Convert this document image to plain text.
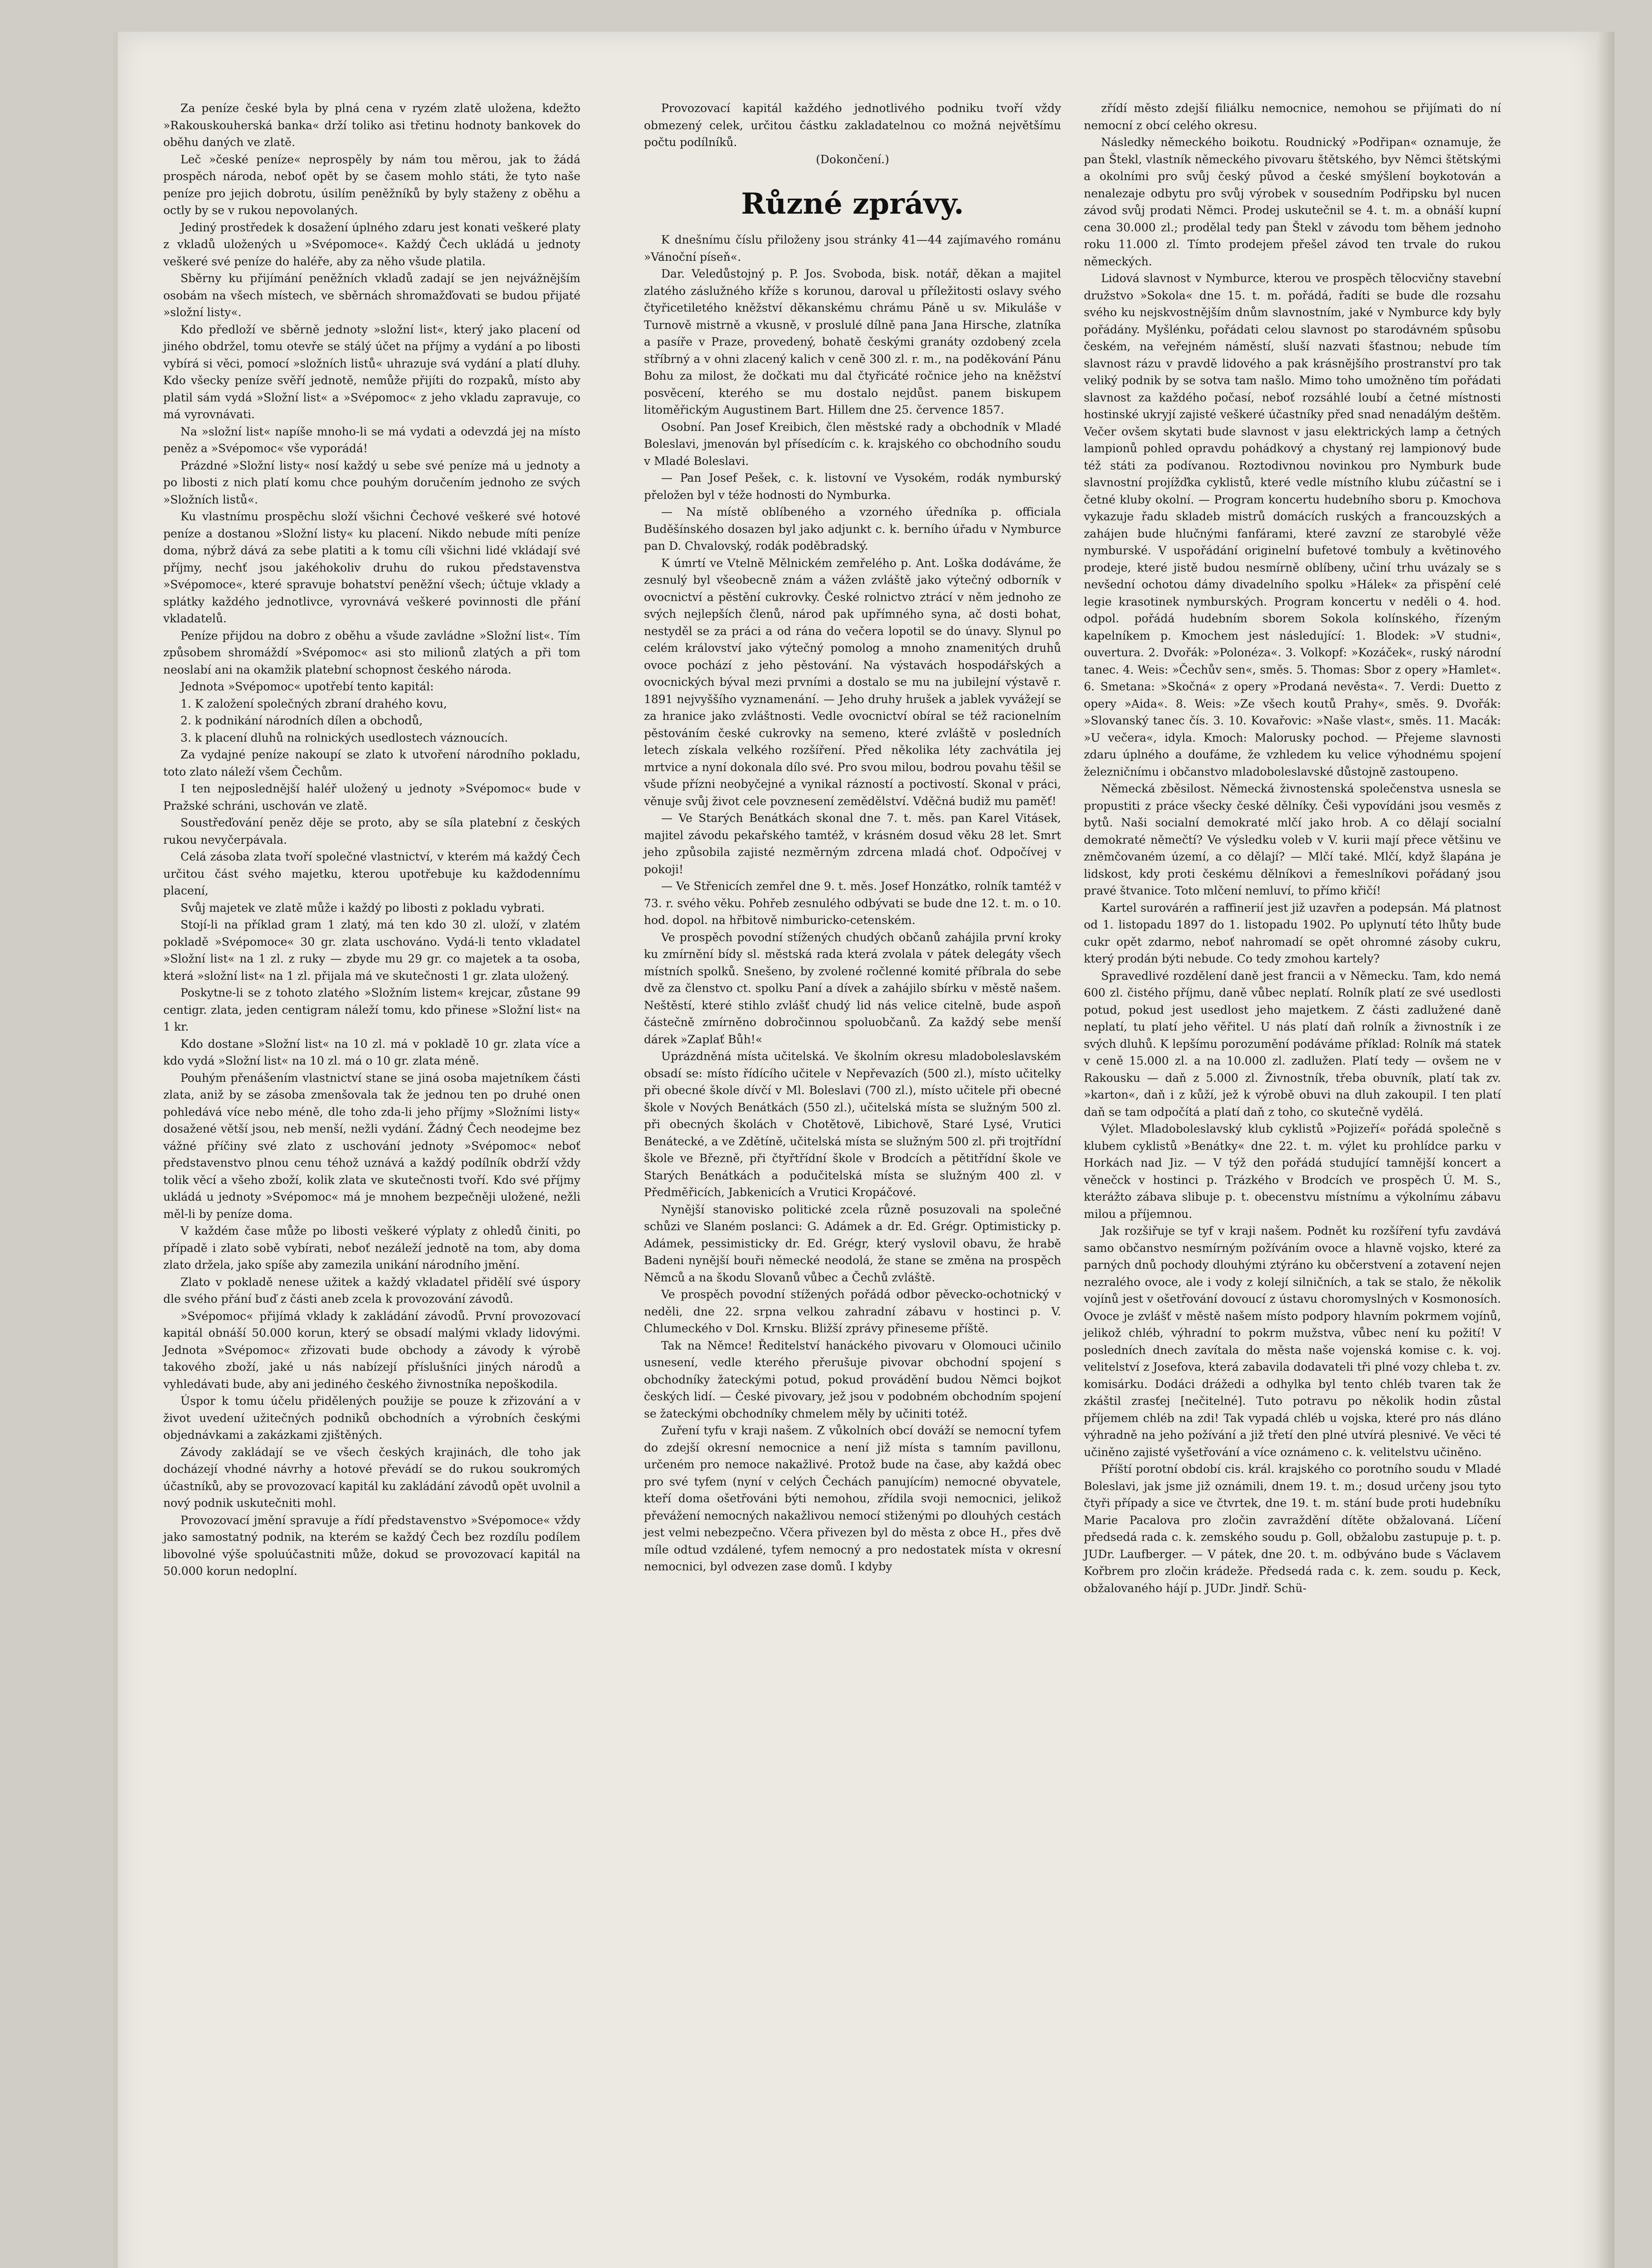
Za peníze české byla by plná cena v ryzém zlatě uložena, kdežto »Rakouskouherská banka« drží toliko asi třetinu hodnoty bankovek do oběhu daných ve zlatě.

Leč »české peníze« neprospěly by nám tou měrou, jak to žádá prospěch národa, neboť opět by se časem mohlo státi, že tyto naše peníze pro jejich dobrotu, úsilím peněžníků by byly staženy z oběhu a octly by se v rukou nepovolaných.

Jediný prostředek k dosažení úplného zdaru jest konati veškeré platy z vkladů uložených u »Svépomoce«. Každý Čech ukládá u jednoty veškeré své peníze do haléře, aby za něho všude platila.

Sběrny ku přijímání peněžních vkladů zadají se jen nejvážnějším osobám na všech místech, ve sběrnách shromažďovati se budou přijaté »složní listy«.

Kdo předloží ve sběrně jednoty »složní list«, který jako placení od jiného obdržel, tomu otevře se stálý účet na příjmy a vydání a po libosti vybírá si věci, pomocí »složních listů« uhrazuje svá vydání a platí dluhy. Kdo všecky peníze svěří jednotě, nemůže přijíti do rozpaků, místo aby platil sám vydá »Složní list« a »Svépomoc« z jeho vkladu zapravuje, co má vyrovnávati.

Na »složní list« napíše mnoho-li se má vydati a odevzdá jej na místo peněz a »Svépomoc« vše vyporádá!

Prázdné »Složní listy« nosí každý u sebe své peníze má u jednoty a po libosti z nich platí komu chce pouhým doručením jednoho ze svých »Složních listů«.

Ku vlastnímu prospěchu složí všichni Čechové veškeré své hotové peníze a dostanou »Složní listy« ku placení. Nikdo nebude míti peníze doma, nýbrž dává za sebe platiti a k tomu cíli všichni lidé vkládají své příjmy, nechť jsou jakéhokoliv druhu do rukou představenstva »Svépomoce«, které spravuje bohatství peněžní všech; účtuje vklady a splátky každého jednotlivce, vyrovnává veškeré povinnosti dle přání vkladatelů.

Peníze přijdou na dobro z oběhu a všude zavládne »Složní list«. Tím způsobem shromáždí »Svépomoc« asi sto milionů zlatých a při tom neoslabí ani na okamžik platební schopnost českého národa.

Jednota »Svépomoc« upotřebí tento kapitál:

1. K založení společných zbraní drahého kovu,

2. k podnikání národních dílen a obchodů,

3. k placení dluhů na rolnických usedlostech váznoucích.

Za vydajné peníze nakoupí se zlato k utvoření národního pokladu, toto zlato náleží všem Čechům.

I ten nejposlednější haléř uložený u jednoty »Svépomoc« bude v Pražské schráni, uschován ve zlatě.

Soustřeďování peněz děje se proto, aby se síla platební z českých rukou nevyčerpávala.

Celá zásoba zlata tvoří společné vlastnictví, v kterém má každý Čech určitou část svého majetku, kterou upotřebuje ku každodennímu placení,

Svůj majetek ve zlatě může i každý po libosti z pokladu vybrati.

Stojí-li na příklad gram 1 zlatý, má ten kdo 30 zl. uloží, v zlatém pokladě »Svépomoce« 30 gr. zlata uschováno. Vydá-li tento vkladatel »Složní list« na 1 zl. z ruky — zbyde mu 29 gr. co majetek a ta osoba, která »složní list« na 1 zl. přijala má ve skutečnosti 1 gr. zlata uložený.

Poskytne-li se z tohoto zlatého »Složním listem« krejcar, zůstane 99 centigr. zlata, jeden centigram náleží tomu, kdo přinese »Složní list« na 1 kr.

Kdo dostane »Složní list« na 10 zl. má v pokladě 10 gr. zlata více a kdo vydá »Složní list« na 10 zl. má o 10 gr. zlata méně.

Pouhým přenášením vlastnictví stane se jiná osoba majetníkem části zlata, aniž by se zásoba zmenšovala tak že jednou ten po druhé onen pohledává více nebo méně, dle toho zda-li jeho příjmy »Složními listy« dosažené větší jsou, neb menší, nežli vydání. Žádný Čech neodejme bez vážné příčiny své zlato z uschování jednoty »Svépomoc« neboť představenstvo plnou cenu téhož uznává a každý podílník obdrží vždy tolik věcí a všeho zboží, kolik zlata ve skutečnosti tvoří. Kdo své příjmy ukládá u jednoty »Svépomoc« má je mnohem bezpečněji uložené, nežli měl-li by peníze doma.

V každém čase může po libosti veškeré výplaty z ohledů činiti, po případě i zlato sobě vybírati, neboť nezáleží jednotě na tom, aby doma zlato držela, jako spíše aby zamezila unikání národního jmění.

Zlato v pokladě nenese užitek a každý vkladatel přidělí své úspory dle svého přání buď z části aneb zcela k provozování závodů.

»Svépomoc« přijímá vklady k zakládání závodů. První provozovací kapitál obnáší 50.000 korun, který se obsadí malými vklady lidovými. Jednota »Svépomoc« zřizovati bude obchody a závody k výrobě takového zboží, jaké u nás nabízejí příslušníci jiných národů a vyhledávati bude, aby ani jediného českého živnostníka nepoškodila.

Úspor k tomu účelu přidělených použije se pouze k zřizování a v život uvedení užitečných podniků obchodních a výrobních českými objednávkami a zakázkami zjištěných.

Závody zakládají se ve všech českých krajinách, dle toho jak docházejí vhodné návrhy a hotové převádí se do rukou soukromých účastníků, aby se provozovací kapitál ku zakládání závodů opět uvolnil a nový podnik uskutečniti mohl.

Provozovací jmění spravuje a řídí představenstvo »Svépomoce« vždy jako samostatný podnik, na kterém se každý Čech bez rozdílu podílem libovolné výše spoluúčastniti může, dokud se provozovací kapitál na 50.000 korun nedoplní.

Provozovací kapitál každého jednotlivého podniku tvoří vždy obmezený celek, určitou částku zakladatelnou co možná největšímu počtu podílníků.

(Dokončení.)

Různé zprávy.

K dnešnímu číslu přiloženy jsou stránky 41—44 zajímavého románu »Vánoční píseň«.

Dar. Veledůstojný p. P. Jos. Svoboda, bisk. notář, děkan a majitel zlatého záslužného kříže s korunou, daroval u příležitosti oslavy svého čtyřicetiletého kněžství děkanskému chrámu Páně u sv. Mikuláše v Turnově mistrně a vkusně, v proslulé dílně pana Jana Hirsche, zlatníka a pasíře v Praze, provedený, bohatě českými granáty ozdobený zcela stříbrný a v ohni zlacený kalich v ceně 300 zl. r. m., na poděkování Pánu Bohu za milost, že dočkati mu dal čtyřicáté ročnice jeho na kněžství posvěcení, kterého se mu dostalo nejdůst. panem biskupem litoměřickým Augustinem Bart. Hillem dne 25. července 1857.

Osobní. Pan Josef Kreibich, člen městské rady a obchodník v Mladé Boleslavi, jmenován byl přísedícím c. k. krajského co obchodního soudu v Mladé Boleslavi.

— Pan Josef Pešek, c. k. listovní ve Vysokém, rodák nymburský přeložen byl v téže hodnosti do Nymburka.

— Na místě oblíbeného a vzorného úředníka p. officiala Buděšínského dosazen byl jako adjunkt c. k. berního úřadu v Nymburce pan D. Chvalovský, rodák poděbradský.

K úmrtí ve Vtelně Mělnickém zemřelého p. Ant. Loška dodáváme, že zesnulý byl všeobecně znám a vážen zvláště jako výtečný odborník v ovocnictví a pěstění cukrovky. České rolnictvo ztrácí v něm jednoho ze svých nejlepších členů, národ pak upřímného syna, ač dosti bohat, nestyděl se za práci a od rána do večera lopotil se do únavy. Slynul po celém království jako výtečný pomolog a mnoho znamenitých druhů ovoce pochází z jeho pěstování. Na výstavách hospodářských a ovocnických býval mezi prvními a dostalo se mu na jubilejní výstavě r. 1891 nejvyššího vyznamenání. — Jeho druhy hrušek a jablek vyvážejí se za hranice jako zvláštnosti. Vedle ovocnictví obíral se též racionelním pěstováním české cukrovky na semeno, které zvláště v posledních letech získala velkého rozšíření. Před několika léty zachvátila jej mrtvice a nyní dokonala dílo své. Pro svou milou, bodrou povahu těšil se všude přízni neobyčejné a vynikal rázností a poctivostí. Skonal v práci, věnuje svůj život cele povznesení zemědělství. Vděčná budiž mu paměť!

— Ve Starých Benátkách skonal dne 7. t. měs. pan Karel Vitásek, majitel závodu pekařského tamtéž, v krásném dosud věku 28 let. Smrt jeho způsobila zajisté nezměrným zdrcena mladá choť. Odpočívej v pokoji!

— Ve Střenicích zemřel dne 9. t. měs. Josef Honzátko, rolník tamtéž v 73. r. svého věku. Pohřeb zesnulého odbývati se bude dne 12. t. m. o 10. hod. dopol. na hřbitově nimburicko-cetenském.

Ve prospěch povodní stížených chudých občanů zahájila první kroky ku zmírnění bídy sl. městská rada která zvolala v pátek delegáty všech místních spolků. Snešeno, by zvolené ročlenné komité příbrala do sebe dvě za členstvo ct. spolku Paní a dívek a zahájilo sbírku v městě našem. Neštěstí, které stihlo zvlášť chudý lid nás velice citelně, bude aspoň částečně zmírněno dobročinnou spoluobčanů. Za každý sebe menší dárek »Zaplať Bůh!«

Uprázdněná místa učitelská. Ve školním okresu mladoboleslavském obsadí se: místo řídícího učitele v Nepřevazích (500 zl.), místo učitelky při obecné škole dívčí v Ml. Boleslavi (700 zl.), místo učitele při obecné škole v Nových Benátkách (550 zl.), učitelská místa se služným 500 zl. při obecných školách v Chotětově, Libichově, Staré Lysé, Vrutici Benátecké, a ve Zdětíně, učitelská místa se služným 500 zl. při trojtřídní škole ve Březně, při čtyřtřídní škole v Brodcích a pětitřídní škole ve Starých Benátkách a podučitelská místa se služným 400 zl. v Předměřicích, Jabkenicích a Vrutici Kropáčové.

Nynější stanovisko politické zcela různě posuzovali na společné schůzi ve Slaném poslanci: G. Adámek a dr. Ed. Grégr. Optimisticky p. Adámek, pessimisticky dr. Ed. Grégr, který vyslovil obavu, že hrabě Badeni nynější bouři německé neodolá, že stane se změna na prospěch Němců a na škodu Slovanů vůbec a Čechů zvláště.

Ve prospěch povodní stížených pořádá odbor pěvecko-ochotnický v neděli, dne 22. srpna velkou zahradní zábavu v hostinci p. V. Chlumeckého v Dol. Krnsku. Bližší zprávy přineseme příště.

Tak na Němce! Ředitelství hanáckého pivovaru v Olomouci učinilo usnesení, vedle kterého přerušuje pivovar obchodní spojení s obchodníky žateckými potud, pokud provádění budou Němci bojkot českých lidí. — České pivovary, jež jsou v podobném obchodním spojení se žateckými obchodníky chmelem měly by učiniti totéž.

Zuření tyfu v kraji našem. Z vůkolních obcí dováží se nemocní tyfem do zdejší okresní nemocnice a není již místa s tamním pavillonu, určeném pro nemoce nakažlivé. Protož bude na čase, aby každá obec pro své tyfem (nyní v celých Čechách panujícím) nemocné obyvatele, kteří doma ošetřováni býti nemohou, zřídila svoji nemocnici, jelikož převážení nemocných nakažlivou nemocí stiženými po dlouhých cestách jest velmi nebezpečno. Včera přivezen byl do města z obce H., přes dvě míle odtud vzdálené, tyfem nemocný a pro nedostatek místa v okresní nemocnici, byl odvezen zase domů. I kdyby

zřídí město zdejší filiálku nemocnice, nemohou se přijímati do ní nemocní z obcí celého okresu.

Následky německého boikotu. Roudnický »Podřipan« oznamuje, že pan Štekl, vlastník německého pivovaru štětského, byv Němci štětskými a okolními pro svůj český původ a české smýšlení boykotován a nenalezaje odbytu pro svůj výrobek v sousedním Podřipsku byl nucen závod svůj prodati Němci. Prodej uskutečnil se 4. t. m. a obnáší kupní cena 30.000 zl.; prodělal tedy pan Štekl v závodu tom během jednoho roku 11.000 zl. Tímto prodejem přešel závod ten trvale do rukou německých.

Lidová slavnost v Nymburce, kterou ve prospěch tělocvičny stavební družstvo »Sokola« dne 15. t. m. pořádá, řadíti se bude dle rozsahu svého ku nejskvostnějším dnům slavnostním, jaké v Nymburce kdy byly pořádány. Myšlénku, pořádati celou slavnost po starodávném spůsobu českém, na veřejném náměstí, sluší nazvati šťastnou; nebude tím slavnost rázu v pravdě lidového a pak krásnějšího prostranství pro tak veliký podnik by se sotva tam našlo. Mimo toho umožněno tím pořádati slavnost za každého počasí, neboť rozsáhlé loubí a četné místnosti hostinské ukryjí zajisté veškeré účastníky před snad nenadálým deštěm. Večer ovšem skytati bude slavnost v jasu elektrických lamp a četných lampionů pohled opravdu pohádkový a chystaný rej lampionový bude též státi za podívanou. Roztodivnou novinkou pro Nymburk bude slavnostní projížďka cyklistů, které vedle místního klubu zúčastní se i četné kluby okolní. — Program koncertu hudebního sboru p. Kmochova vykazuje řadu skladeb mistrů domácích ruských a francouzských a zahájen bude hlučnými fanfárami, které zavzní ze starobylé věže nymburské. V uspořádání originelní bufetové tombuly a květinového prodeje, které jistě budou nesmírně oblíbeny, učiní trhu uvázaly se s nevšední ochotou dámy divadelního spolku »Hálek« za přispění celé legie krasotinek nymburských. Program koncertu v neděli o 4. hod. odpol. pořádá hudebním sborem Sokola kolínského, řízeným kapelníkem p. Kmochem jest následující: 1. Blodek: »V studni«, ouvertura. 2. Dvořák: »Polonéza«. 3. Volkopf: »Kozáček«, ruský národní tanec. 4. Weis: »Čechův sen«, směs. 5. Thomas: Sbor z opery »Hamlet«. 6. Smetana: »Skočná« z opery »Prodaná nevěsta«. 7. Verdi: Duetto z opery »Aida«. 8. Weis: »Ze všech koutů Prahy«, směs. 9. Dvořák: »Slovanský tanec čís. 3. 10. Kovařovic: »Naše vlast«, směs. 11. Macák: »U večera«, idyla. Kmoch: Malorusky pochod. — Přejeme slavnosti zdaru úplného a doufáme, že vzhledem ku velice výhodnému spojení železničnímu i občanstvo mladoboleslavské důstojně zastoupeno.

Německá zběsilost. Německá živnostenská společenstva usnesla se propustiti z práce všecky české dělníky. Češi vypovídáni jsou vesměs z bytů. Naši socialní demokraté mlčí jako hrob. A co dělají socialní demokraté němečtí? Ve výsledku voleb v V. kurii mají přece většinu ve zněmčovaném území, a co dělají? — Mlčí také. Mlčí, když šlapána je lidskost, kdy proti českému dělníkovi a řemeslníkovi pořádaný jsou pravé štvanice. Toto mlčení nemluví, to přímo křičí!

Kartel surovárén a raffinerií jest již uzavřen a podepsán. Má platnost od 1. listopadu 1897 do 1. listopadu 1902. Po uplynutí této lhůty bude cukr opět zdarmo, neboť nahromadí se opět ohromné zásoby cukru, který prodán býti nebude. Co tedy zmohou kartely?

Spravedlivé rozdělení daně jest francii a v Německu. Tam, kdo nemá 600 zl. čistého příjmu, daně vůbec neplatí. Rolník platí ze své usedlosti potud, pokud jest usedlost jeho majetkem. Z části zadlužené daně neplatí, tu platí jeho věřitel. U nás platí daň rolník a živnostník i ze svých dluhů. K lepšímu porozumění podáváme příklad: Rolník má statek v ceně 15.000 zl. a na 10.000 zl. zadlužen. Platí tedy — ovšem ne v Rakousku — daň z 5.000 zl. Živnostník, třeba obuvník, platí tak zv. »karton«, daň i z kůží, jež k výrobě obuvi na dluh zakoupil. I ten platí daň se tam odpočítá a platí daň z toho, co skutečně vydělá.

Výlet. Mladoboleslavský klub cyklistů »Pojizeří« pořádá společně s klubem cyklistů »Benátky« dne 22. t. m. výlet ku prohlídce parku v Horkách nad Jiz. — V týž den pořádá studující tamnější koncert a věnečck v hostinci p. Trázkého v Brodcích ve prospěch Ú. M. S., kterážto zábava slibuje p. t. obecenstvu místnímu a výkolnímu zábavu milou a příjemnou.

Jak rozšiřuje se tyf v kraji našem. Podnět ku rozšíření tyfu zavdává samo občanstvo nesmírným požíváním ovoce a hlavně vojsko, které za parných dnů pochody dlouhými ztýráno ku občerstvení a zotavení nejen nezralého ovoce, ale i vody z kolejí silničních, a tak se stalo, že několik vojínů jest v ošetřování dovoucí z ústavu choromyslných v Kosmonosích. Ovoce je zvlášť v městě našem místo podpory hlavním pokrmem vojínů, jelikož chléb, výhradní to pokrm mužstva, vůbec není ku požití! V posledních dnech zavítala do města naše vojenská komise c. k. voj. velitelství z Josefova, která zabavila dodavateli tři plné vozy chleba t. zv. komisárku. Dodáci drážedi a odhylka byl tento chléb tvaren tak že zkáštil zrasťej [nečitelné]. Tuto potravu po několik hodin zůstal příjemem chléb na zdi! Tak vypadá chléb u vojska, které pro nás dláno výhradně na jeho požívání a již třetí den plné utvírá plesnivé. Ve věci té učiněno zajisté vyšetřování a více oznámeno c. k. velitelstvu učiněno.

Příští porotní období cis. král. krajského co porotního soudu v Mladé Boleslavi, jak jsme již oznámili, dnem 19. t. m.; dosud určeny jsou tyto čtyři případy a sice ve čtvrtek, dne 19. t. m. stání bude proti hudebníku Marie Pacalova pro zločin zavraždění dítěte obžalovaná. Líčení předsedá rada c. k. zemského soudu p. Goll, obžalobu zastupuje p. t. p. JUDr. Laufberger. — V pátek, dne 20. t. m. odbýváno bude s Václavem Kořbrem pro zločin krádeže. Předsedá rada c. k. zem. soudu p. Keck, obžalovaného hájí p. JUDr. Jindř. Schü-
